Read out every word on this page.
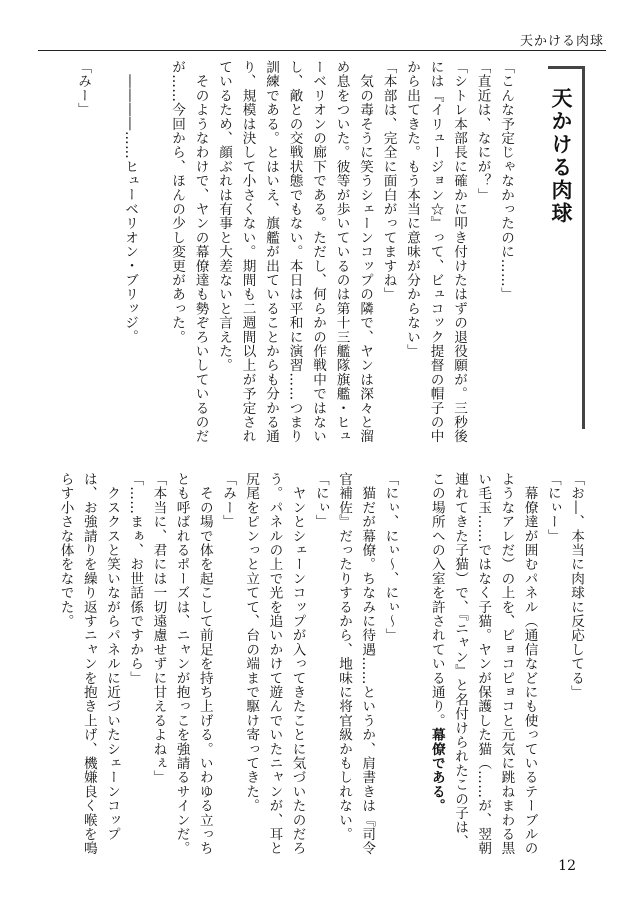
天かける肉球
天かける肉球
「こんな予定じゃなかったのに……」
「直近は、なにが？」
「シトレ本部長に確かに叩き付けたはずの退役願が。三秒後
には『イリュージョン☆』って、ビュコック提督の帽子の中
から出てきた。もう本当に意味が分からない」
「本部は、完全に面白がってますね」
　気の毒そうに笑うシェーンコップの隣で、ヤンは深々と溜
め息をついた。彼等が歩いているのは第十三艦隊旗艦・ヒュ
ーベリオンの廊下である。ただし、何らかの作戦中ではない
し、敵との交戦状態でもない。本日は平和に演習……つまり
訓練である。とはいえ、旗艦が出ていることからも分かる通
り、規模は決して小さくない。期間も二週間以上が予定され
ているため、顔ぶれは有事と大差ないと言えた。
　そのようなわけで、ヤンの幕僚達も勢ぞろいしているのだ
が……今回から、ほんの少し変更があった。
　――――……ヒューベリオン・ブリッジ。
「みー」
「お―、本当に肉球に反応してる」
「にぃー」
　幕僚達が囲むパネル（通信などにも使っているテーブルの
ようなアレだ）の上を、ピョコピョコと元気に跳ねまわる黒
い毛玉……ではなく子猫。ヤンが保護した猫（……が、翌朝
連れてきた子猫）で、『ニャン』と名付けられたこの子は、
この場所への入室を許されている通り。幕僚である。
「にぃ、にぃ～、にぃ～」
　猫だが幕僚。ちなみに待遇……というか、肩書きは『司令
官補佐』だったりするから、地味に将官級かもしれない。
「にぃ」
　ヤンとシェーンコップが入ってきたことに気づいたのだろ
う。パネルの上で光を追いかけて遊んでいたニャンが、耳と
尻尾をピンっと立てて、台の端まで駆け寄ってきた。
「みー」
　その場で体を起こして前足を持ち上げる。いわゆる立っち
とも呼ばれるポーズは、ニャンが抱っこを強請るサインだ。
「本当に、君には一切遠慮せずに甘えるよねぇ」
「……まぁ、お世話係ですから」
　クスクスと笑いながらパネルに近づいたシェーンコップ
は、お強請りを繰り返すニャンを抱き上げ、機嫌良く喉を鳴
らす小さな体をなでた。
12
